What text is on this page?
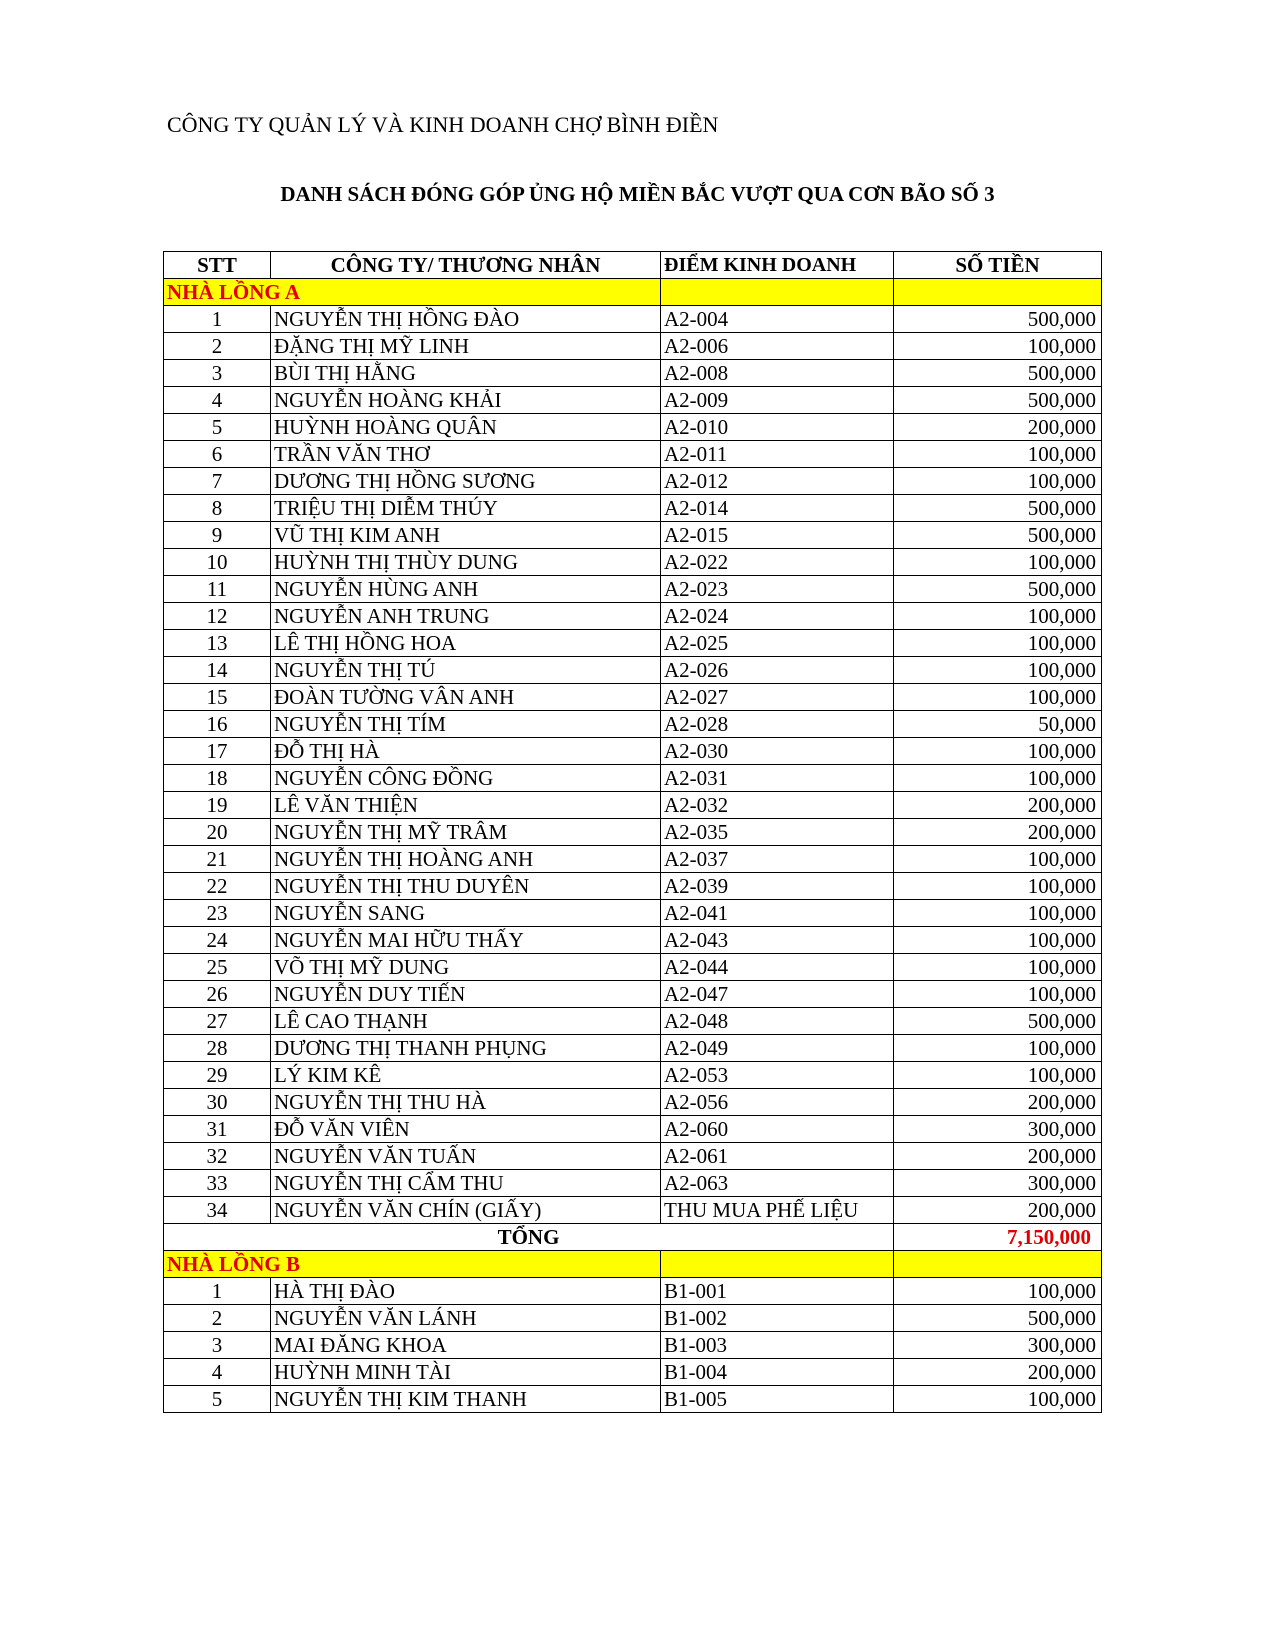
CÔNG TY QUẢN LÝ VÀ KINH DOANH CHỢ BÌNH ĐIỀN
DANH SÁCH ĐÓNG GÓP ỦNG HỘ MIỀN BẮC VƯỢT QUA CƠN BÃO SỐ 3
STT	CÔNG TY/ THƯƠNG NHÂN	ĐIỂM KINH DOANH	SỐ TIỀN
NHÀ LỒNG A			
1	NGUYỄN THỊ HỒNG ĐÀO	A2-004	500,000
2	ĐẶNG THỊ MỸ LINH	A2-006	100,000
3	BÙI THỊ HẰNG	A2-008	500,000
4	NGUYỄN HOÀNG KHẢI	A2-009	500,000
5	HUỲNH HOÀNG QUÂN	A2-010	200,000
6	TRẦN VĂN THƠ	A2-011	100,000
7	DƯƠNG THỊ HỒNG SƯƠNG	A2-012	100,000
8	TRIỆU THỊ DIỄM THÚY	A2-014	500,000
9	VŨ THỊ KIM ANH	A2-015	500,000
10	HUỲNH THỊ THÙY DUNG	A2-022	100,000
11	NGUYỄN HÙNG ANH	A2-023	500,000
12	NGUYỄN ANH TRUNG	A2-024	100,000
13	LÊ THỊ HỒNG HOA	A2-025	100,000
14	NGUYỄN THỊ TÚ	A2-026	100,000
15	ĐOÀN TƯỜNG VÂN ANH	A2-027	100,000
16	NGUYỄN THỊ TÍM	A2-028	50,000
17	ĐỖ THỊ HÀ	A2-030	100,000
18	NGUYỄN CÔNG ĐỒNG	A2-031	100,000
19	LÊ VĂN THIỆN	A2-032	200,000
20	NGUYỄN THỊ MỸ TRÂM	A2-035	200,000
21	NGUYỄN THỊ HOÀNG ANH	A2-037	100,000
22	NGUYỄN THỊ THU DUYÊN	A2-039	100,000
23	NGUYỄN SANG	A2-041	100,000
24	NGUYỄN MAI HỮU THẤY	A2-043	100,000
25	VÕ THỊ MỸ DUNG	A2-044	100,000
26	NGUYỄN DUY TIẾN	A2-047	100,000
27	LÊ CAO THẠNH	A2-048	500,000
28	DƯƠNG THỊ THANH PHỤNG	A2-049	100,000
29	LÝ KIM KÊ	A2-053	100,000
30	NGUYỄN THỊ THU HÀ	A2-056	200,000
31	ĐỖ VĂN VIÊN	A2-060	300,000
32	NGUYỄN VĂN TUẤN	A2-061	200,000
33	NGUYỄN THỊ CẨM THU	A2-063	300,000
34	NGUYỄN VĂN CHÍN (GIẤY)	THU MUA PHẾ LIỆU	200,000
TỔNG			7,150,000
NHÀ LỒNG B			
1	HÀ THỊ ĐÀO	B1-001	100,000
2	NGUYỄN VĂN LÁNH	B1-002	500,000
3	MAI ĐĂNG KHOA	B1-003	300,000
4	HUỲNH MINH TÀI	B1-004	200,000
5	NGUYỄN THỊ KIM THANH	B1-005	100,000
